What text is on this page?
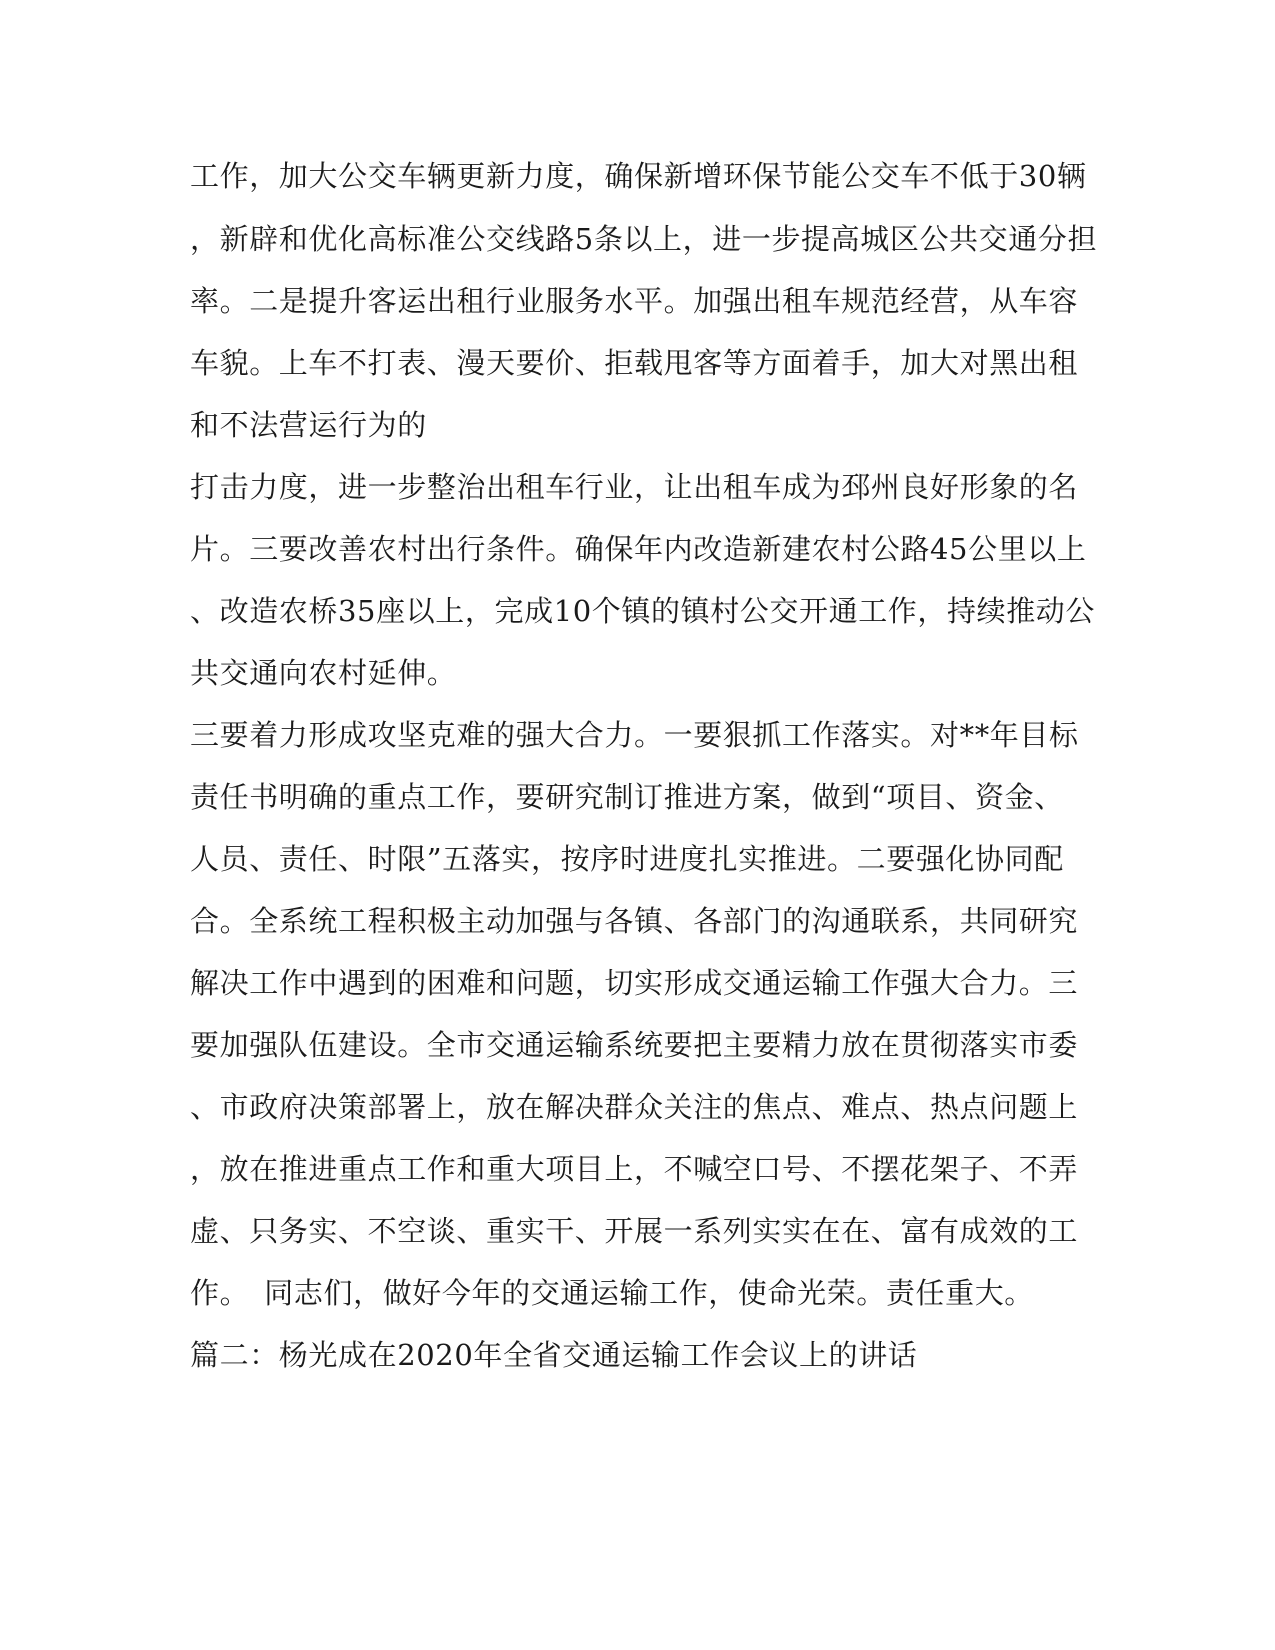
工作，加大公交车辆更新力度，确保新增环保节能公交车不低于30辆

，新辟和优化高标准公交线路5条以上，进一步提高城区公共交通分担

率。二是提升客运出租行业服务水平。加强出租车规范经营，从车容

车貌。上车不打表、漫天要价、拒载甩客等方面着手，加大对黑出租

和不法营运行为的

打击力度，进一步整治出租车行业，让出租车成为邳州良好形象的名

片。三要改善农村出行条件。确保年内改造新建农村公路45公里以上

、改造农桥35座以上，完成10个镇的镇村公交开通工作，持续推动公

共交通向农村延伸。

三要着力形成攻坚克难的强大合力。一要狠抓工作落实。对**年目标

责任书明确的重点工作，要研究制订推进方案，做到“项目、资金、

人员、责任、时限”五落实，按序时进度扎实推进。二要强化协同配

合。全系统工程积极主动加强与各镇、各部门的沟通联系，共同研究

解决工作中遇到的困难和问题，切实形成交通运输工作强大合力。三

要加强队伍建设。全市交通运输系统要把主要精力放在贯彻落实市委

、市政府决策部署上，放在解决群众关注的焦点、难点、热点问题上

，放在推进重点工作和重大项目上，不喊空口号、不摆花架子、不弄

虚、只务实、不空谈、重实干、开展一系列实实在在、富有成效的工

作。　同志们，做好今年的交通运输工作，使命光荣。责任重大。

篇二：杨光成在2020年全省交通运输工作会议上的讲话
